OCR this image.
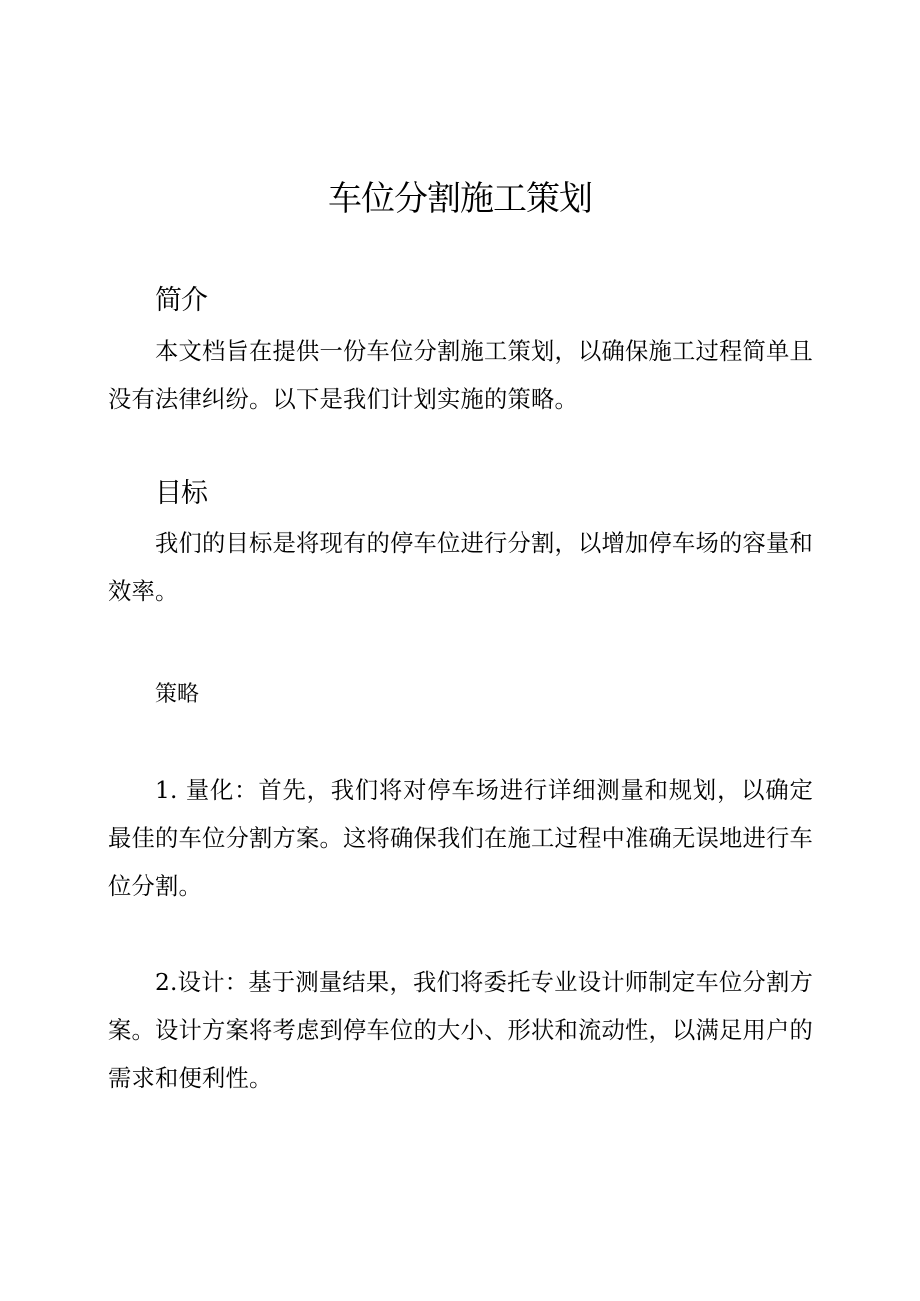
车位分割施工策划
简介

本文档旨在提供一份车位分割施工策划，以确保施工过程简单且没有法律纠纷。以下是我们计划实施的策略。

目标

我们的目标是将现有的停车位进行分割，以增加停车场的容量和效率。

策略

1. 量化：首先，我们将对停车场进行详细测量和规划，以确定最佳的车位分割方案。这将确保我们在施工过程中准确无误地进行车位分割。

2.设计：基于测量结果，我们将委托专业设计师制定车位分割方案。设计方案将考虑到停车位的大小、形状和流动性，以满足用户的需求和便利性。
